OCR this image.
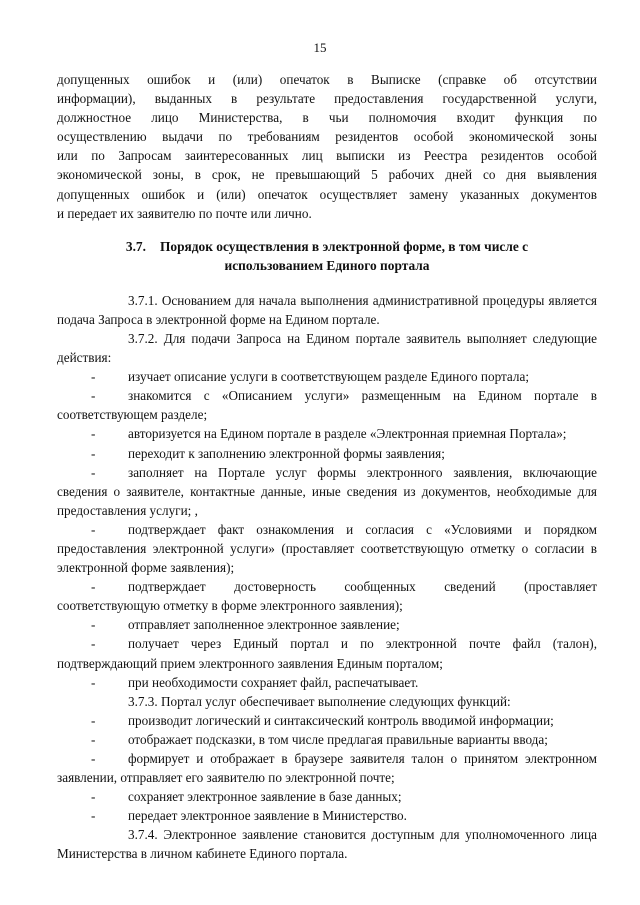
15

допущенных ошибок и (или) опечаток в Выписке (справке об отсутствии

информации), выданных в результате предоставления государственной услуги,

должностное лицо Министерства, в чьи полномочия входит функция по

осуществлению выдачи по требованиям резидентов особой экономической зоны

или по Запросам заинтересованных лиц выписки из Реестра резидентов особой

экономической зоны, в срок, не превышающий 5 рабочих дней со дня выявления

допущенных ошибок и (или) опечаток осуществляет замену указанных документов

и передает их заявителю по почте или лично.

3.7. Порядок осуществления в электронной форме, в том числе с
использованием Единого портала

3.7.1. Основанием для начала выполнения административной процедуры является подача Запроса в электронной форме на Едином портале.

3.7.2. Для подачи Запроса на Едином портале заявитель выполняет следующие действия:

- изучает описание услуги в соответствующем разделе Единого портала;

- знакомится с «Описанием услуги» размещенным на Едином портале в соответствующем разделе;

- авторизуется на Едином портале в разделе «Электронная приемная Портала»;

- переходит к заполнению электронной формы заявления;

- заполняет на Портале услуг формы электронного заявления, включающие сведения о заявителе, контактные данные, иные сведения из документов, необходимые для предоставления услуги; ,

- подтверждает факт ознакомления и согласия с «Условиями и порядком предоставления электронной услуги» (проставляет соответствующую отметку о согласии в электронной форме заявления);

- подтверждает достоверность сообщенных сведений (проставляет соответствующую отметку в форме электронного заявления);

- отправляет заполненное электронное заявление;

- получает через Единый портал и по электронной почте файл (талон), подтверждающий прием электронного заявления Единым порталом;

- при необходимости сохраняет файл, распечатывает.

3.7.3. Портал услуг обеспечивает выполнение следующих функций:

- производит логический и синтаксический контроль вводимой информации;

- отображает подсказки, в том числе предлагая правильные варианты ввода;

- формирует и отображает в браузере заявителя талон о принятом электронном заявлении, отправляет его заявителю по электронной почте;

- сохраняет электронное заявление в базе данных;

- передает электронное заявление в Министерство.

3.7.4. Электронное заявление становится доступным для уполномоченного лица Министерства в личном кабинете Единого портала.
